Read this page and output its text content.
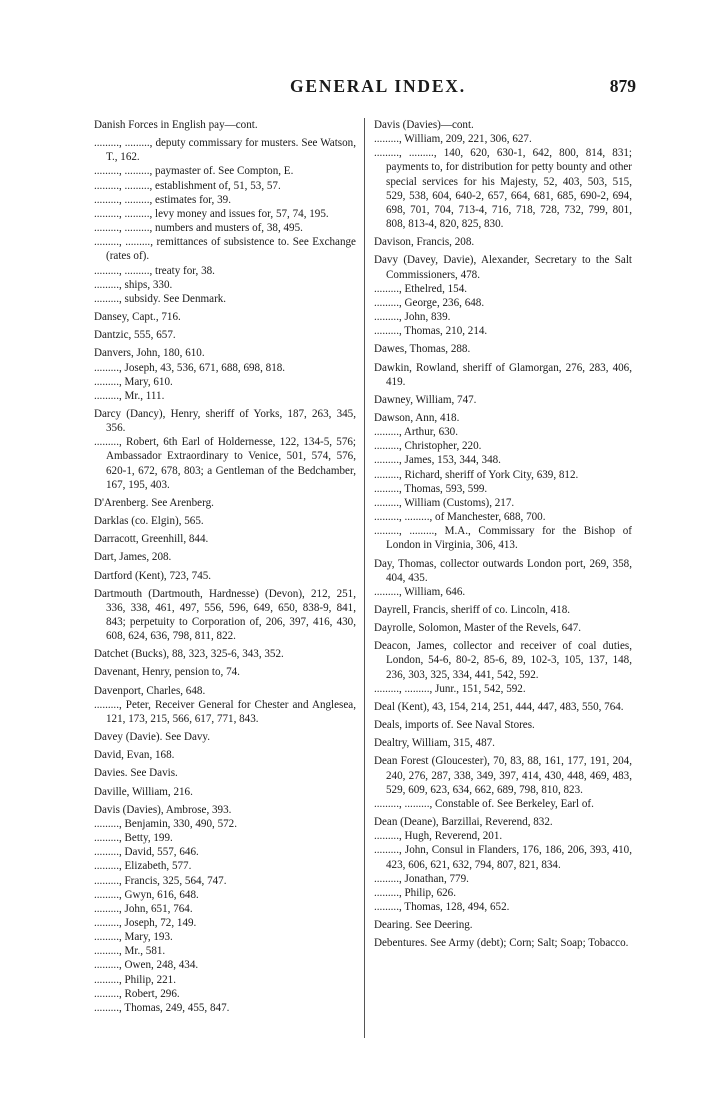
GENERAL INDEX.	879

Danish Forces in English pay—cont.

........., ........., deputy commissary for musters. See Watson, T., 162.

........., ........., paymaster of. See Compton, E.

........., ........., establishment of, 51, 53, 57.

........., ........., estimates for, 39.

........., ........., levy money and issues for, 57, 74, 195.

........., ........., numbers and musters of, 38, 495.

........., ........., remittances of subsistence to. See Exchange (rates of).

........., ........., treaty for, 38.

........., ships, 330.

........., subsidy. See Denmark.

Dansey, Capt., 716.

Dantzic, 555, 657.

Danvers, John, 180, 610.

........., Joseph, 43, 536, 671, 688, 698, 818.

........., Mary, 610.

........., Mr., 111.

Darcy (Dancy), Henry, sheriff of Yorks, 187, 263, 345, 356.

........., Robert, 6th Earl of Holdernesse, 122, 134-5, 576; Ambassador Extraordinary to Venice, 501, 574, 576, 620-1, 672, 678, 803; a Gentleman of the Bedchamber, 167, 195, 403.

D'Arenberg. See Arenberg.

Darklas (co. Elgin), 565.

Darracott, Greenhill, 844.

Dart, James, 208.

Dartford (Kent), 723, 745.

Dartmouth (Dartmouth, Hardnesse) (Devon), 212, 251, 336, 338, 461, 497, 556, 596, 649, 650, 838-9, 841, 843; perpetuity to Corporation of, 206, 397, 416, 430, 608, 624, 636, 798, 811, 822.

Datchet (Bucks), 88, 323, 325-6, 343, 352.

Davenant, Henry, pension to, 74.

Davenport, Charles, 648.

........., Peter, Receiver General for Chester and Anglesea, 121, 173, 215, 566, 617, 771, 843.

Davey (Davie). See Davy.

David, Evan, 168.

Davies. See Davis.

Daville, William, 216.

Davis (Davies), Ambrose, 393.

........., Benjamin, 330, 490, 572.

........., Betty, 199.

........., David, 557, 646.

........., Elizabeth, 577.

........., Francis, 325, 564, 747.

........., Gwyn, 616, 648.

........., John, 651, 764.

........., Joseph, 72, 149.

........., Mary, 193.

........., Mr., 581.

........., Owen, 248, 434.

........., Philip, 221.

........., Robert, 296.

........., Thomas, 249, 455, 847.

Davis (Davies)—cont.

........., William, 209, 221, 306, 627.

........., ........., 140, 620, 630-1, 642, 800, 814, 831; payments to, for distribution for petty bounty and other special services for his Majesty, 52, 403, 503, 515, 529, 538, 604, 640-2, 657, 664, 681, 685, 690-2, 694, 698, 701, 704, 713-4, 716, 718, 728, 732, 799, 801, 808, 813-4, 820, 825, 830.

Davison, Francis, 208.

Davy (Davey, Davie), Alexander, Secretary to the Salt Commissioners, 478.

........., Ethelred, 154.

........., George, 236, 648.

........., John, 839.

........., Thomas, 210, 214.

Dawes, Thomas, 288.

Dawkin, Rowland, sheriff of Glamorgan, 276, 283, 406, 419.

Dawney, William, 747.

Dawson, Ann, 418.

........., Arthur, 630.

........., Christopher, 220.

........., James, 153, 344, 348.

........., Richard, sheriff of York City, 639, 812.

........., Thomas, 593, 599.

........., William (Customs), 217.

........., ........., of Manchester, 688, 700.

........., ........., M.A., Commissary for the Bishop of London in Virginia, 306, 413.

Day, Thomas, collector outwards London port, 269, 358, 404, 435.

........., William, 646.

Dayrell, Francis, sheriff of co. Lincoln, 418.

Dayrolle, Solomon, Master of the Revels, 647.

Deacon, James, collector and receiver of coal duties, London, 54-6, 80-2, 85-6, 89, 102-3, 105, 137, 148, 236, 303, 325, 334, 441, 542, 592.

........., ........., Junr., 151, 542, 592.

Deal (Kent), 43, 154, 214, 251, 444, 447, 483, 550, 764.

Deals, imports of. See Naval Stores.

Dealtry, William, 315, 487.

Dean Forest (Gloucester), 70, 83, 88, 161, 177, 191, 204, 240, 276, 287, 338, 349, 397, 414, 430, 448, 469, 483, 529, 609, 623, 634, 662, 689, 798, 810, 823.

........., ........., Constable of. See Berkeley, Earl of.

Dean (Deane), Barzillai, Reverend, 832.

........., Hugh, Reverend, 201.

........., John, Consul in Flanders, 176, 186, 206, 393, 410, 423, 606, 621, 632, 794, 807, 821, 834.

........., Jonathan, 779.

........., Philip, 626.

........., Thomas, 128, 494, 652.

Dearing. See Deering.

Debentures. See Army (debt); Corn; Salt; Soap; Tobacco.
